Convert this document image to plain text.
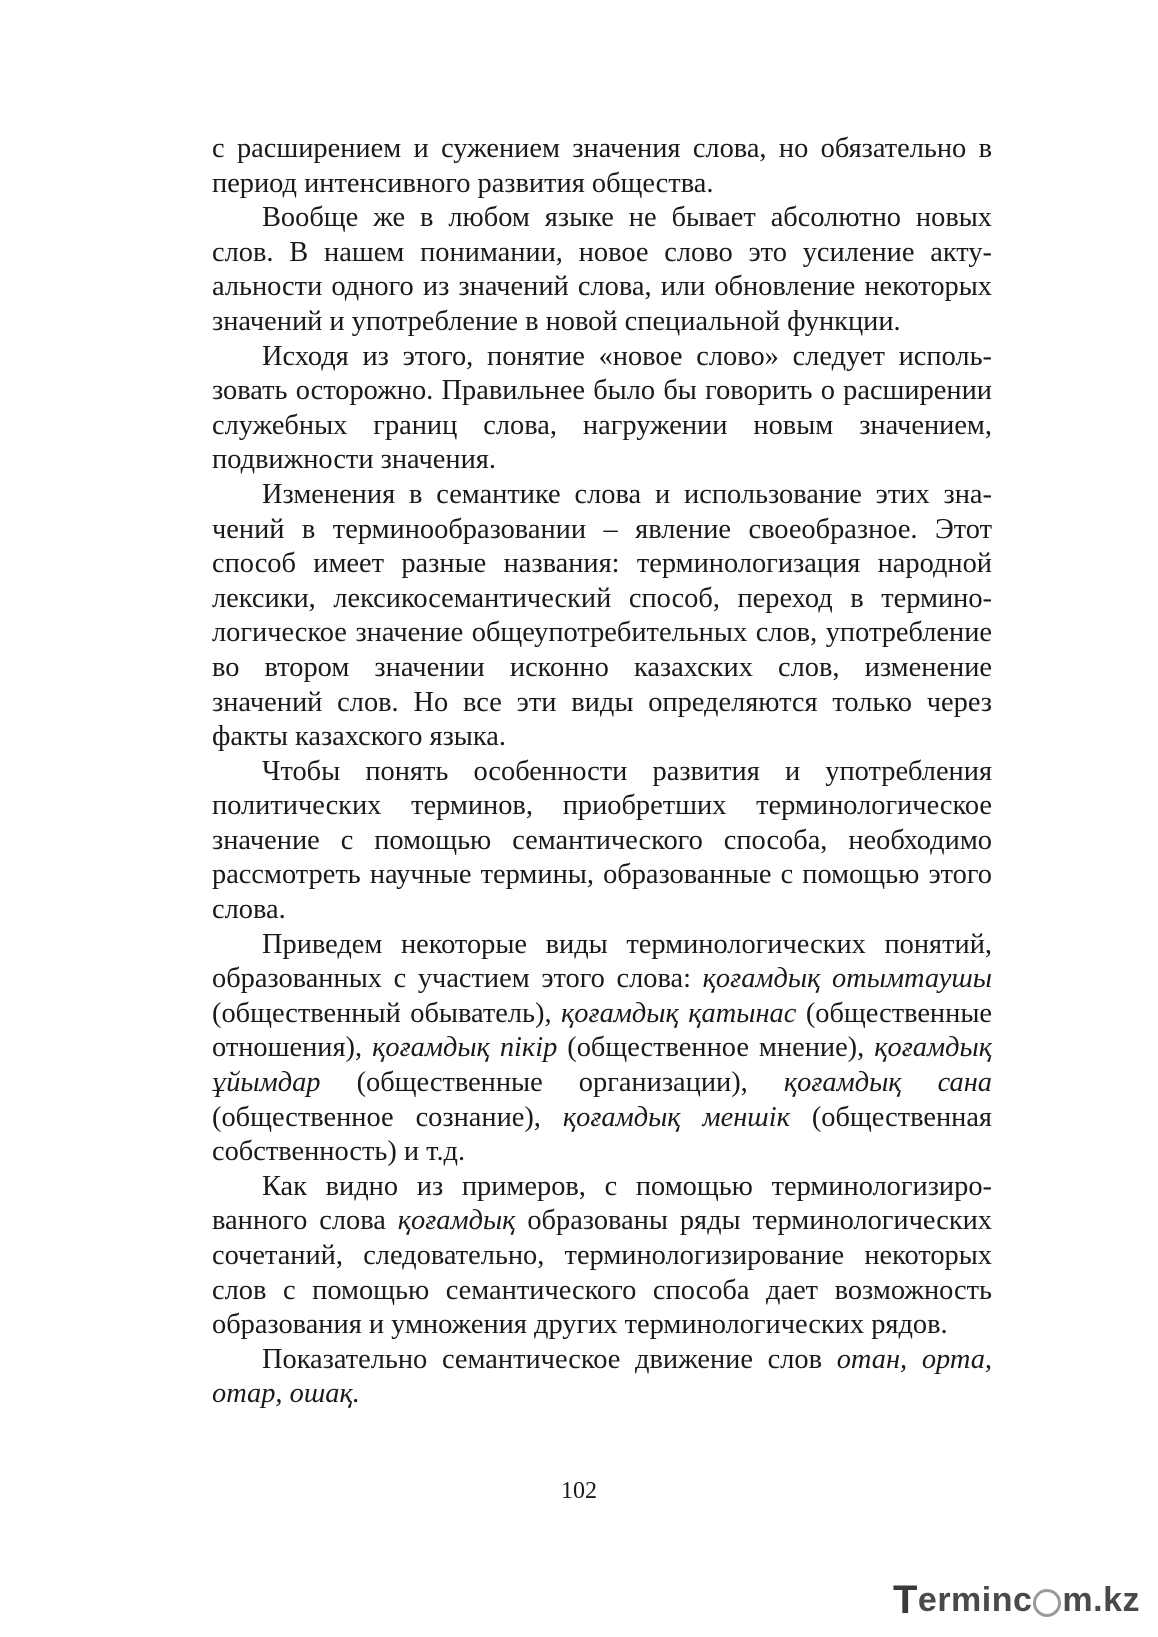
с расширением и сужением значения слова, но обязательно в период интенсивного развития общества.

Вообще же в любом языке не бывает абсолютно новых слов. В нашем понимании, новое слово это усиление актуальности одного из значений слова, или обновление некоторых значений и употребление в новой специальной функции.

Исходя из этого, понятие «новое слово» следует использовать осторожно. Правильнее было бы говорить о расширении служебных границ слова, нагружении новым значением, подвижности значения.

Изменения в семантике слова и использование этих значений в терминообразовании – явление своеобразное. Этот способ имеет разные названия: терминологизация народной лексики, лексикосемантический способ, переход в терминологическое значение общеупотребительных слов, употребление во втором значении исконно казахских слов, изменение значений слов. Но все эти виды определяются только через факты казахского языка.

Чтобы понять особенности развития и употребления политических терминов, приобретших терминологическое значение с помощью семантического способа, необходимо рассмотреть научные термины, образованные с помощью этого слова.

Приведем некоторые виды терминологических понятий, образованных с участием этого слова: қоғамдық отымтаушы (общественный обыватель), қоғамдық қатынас (общественные отношения), қоғамдық пікір (общественное мнение), қоғамдық ұйымдар (общественные организации), қоғамдық сана (общественное сознание), қоғамдық меншік (общественная собственность) и т.д.

Как видно из примеров, с помощью терминологизированного слова қоғамдық образованы ряды терминологических сочетаний, следовательно, терминологизирование некоторых слов с помощью семантического способа дает возможность образования и умножения других терминологических рядов.

Показательно семантическое движение слов отан, орта, отар, ошақ.

102
T erminc m.kz
